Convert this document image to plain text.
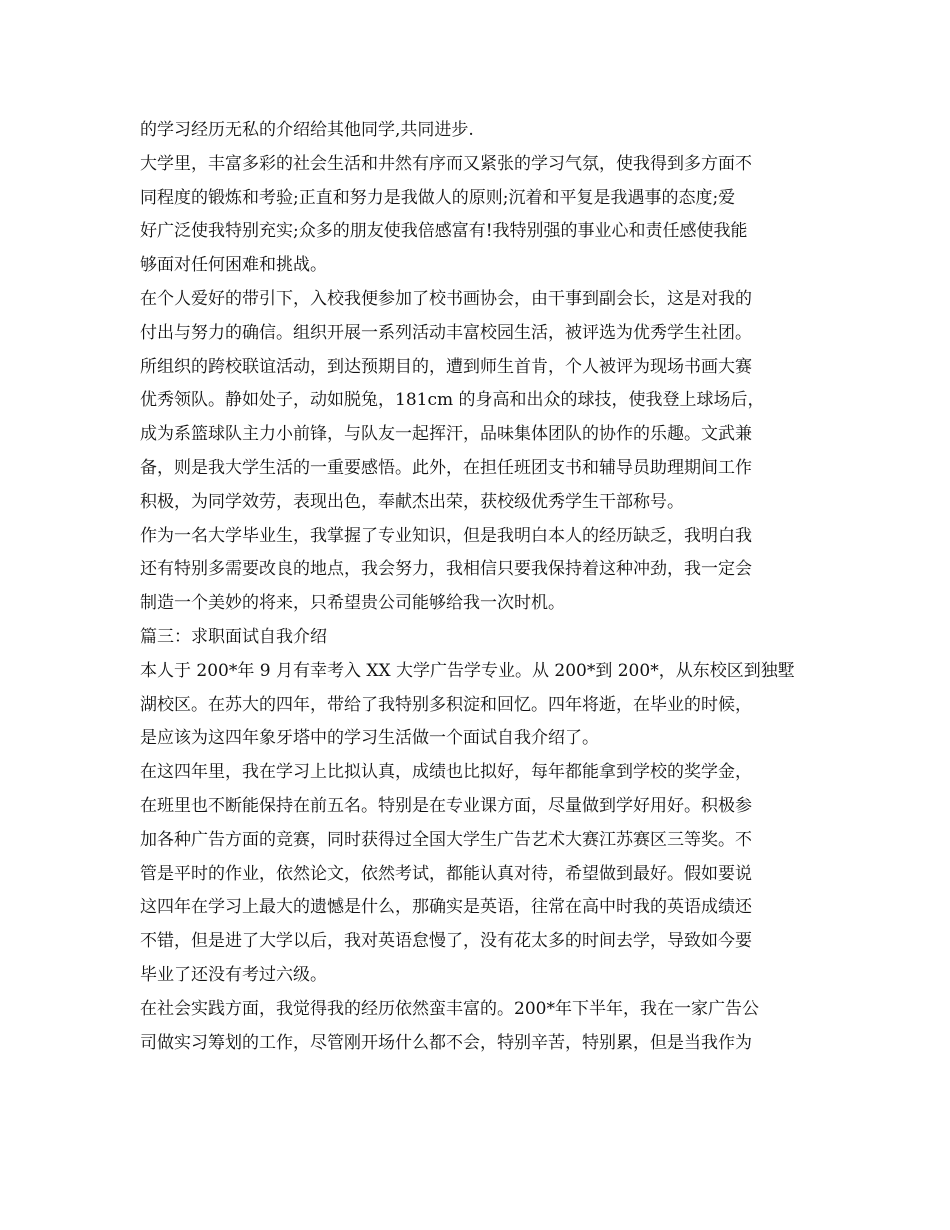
的学习经历无私的介绍给其他同学,共同进步.
大学里，丰富多彩的社会生活和井然有序而又紧张的学习气氛，使我得到多方面不
同程度的锻炼和考验;正直和努力是我做人的原则;沉着和平复是我遇事的态度;爱
好广泛使我特别充实;众多的朋友使我倍感富有!我特别强的事业心和责任感使我能
够面对任何困难和挑战。
在个人爱好的带引下，入校我便参加了校书画协会，由干事到副会长，这是对我的
付出与努力的确信。组织开展一系列活动丰富校园生活，被评选为优秀学生社团。
所组织的跨校联谊活动，到达预期目的，遭到师生首肯，个人被评为现场书画大赛
优秀领队。静如处子，动如脱兔，181cm 的身高和出众的球技，使我登上球场后，
成为系篮球队主力小前锋，与队友一起挥汗，品味集体团队的协作的乐趣。文武兼
备，则是我大学生活的一重要感悟。此外，在担任班团支书和辅导员助理期间工作
积极，为同学效劳，表现出色，奉献杰出荣，获校级优秀学生干部称号。
作为一名大学毕业生，我掌握了专业知识，但是我明白本人的经历缺乏，我明白我
还有特别多需要改良的地点，我会努力，我相信只要我保持着这种冲劲，我一定会
制造一个美妙的将来，只希望贵公司能够给我一次时机。
篇三：求职面试自我介绍
本人于 200*年 9 月有幸考入 XX 大学广告学专业。从 200*到 200*，从东校区到独墅
湖校区。在苏大的四年，带给了我特别多积淀和回忆。四年将逝，在毕业的时候，
是应该为这四年象牙塔中的学习生活做一个面试自我介绍了。
在这四年里，我在学习上比拟认真，成绩也比拟好，每年都能拿到学校的奖学金，
在班里也不断能保持在前五名。特别是在专业课方面，尽量做到学好用好。积极参
加各种广告方面的竞赛，同时获得过全国大学生广告艺术大赛江苏赛区三等奖。不
管是平时的作业，依然论文，依然考试，都能认真对待，希望做到最好。假如要说
这四年在学习上最大的遗憾是什么，那确实是英语，往常在高中时我的英语成绩还
不错，但是进了大学以后，我对英语怠慢了，没有花太多的时间去学，导致如今要
毕业了还没有考过六级。
在社会实践方面，我觉得我的经历依然蛮丰富的。200*年下半年，我在一家广告公
司做实习筹划的工作，尽管刚开场什么都不会，特别辛苦，特别累，但是当我作为
